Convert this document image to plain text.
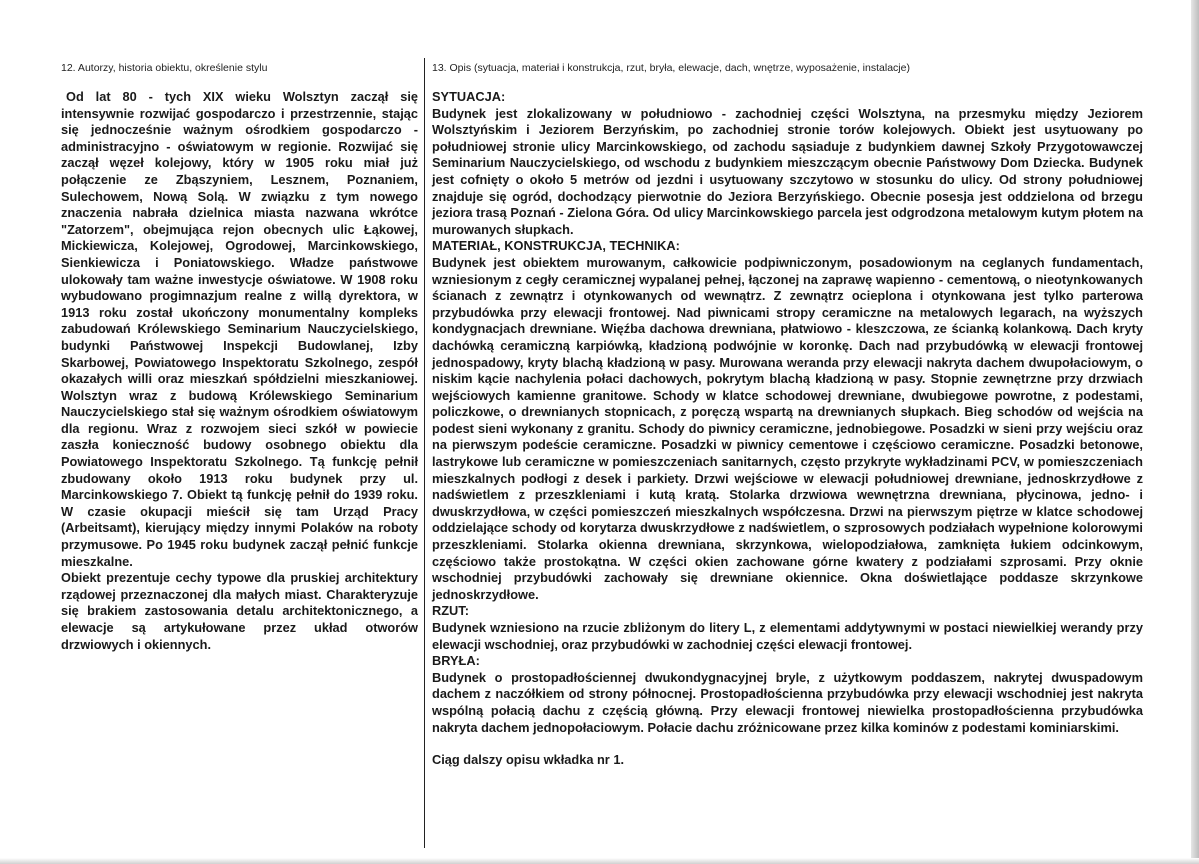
12. Autorzy, historia obiektu, określenie stylu	13. Opis (sytuacja, materiał i konstrukcja, rzut, bryła, elewacje, dach, wnętrze, wyposażenie, instalacje)

Od lat 80 - tych XIX wieku Wolsztyn zaczął się intensywnie rozwijać gospodarczo i przestrzennie, stając się jednocześnie ważnym ośrodkiem gospodarczo - administracyjno - oświatowym w regionie. Rozwijać się zaczął węzeł kolejowy, który w 1905 roku miał już połączenie ze Zbąszyniem, Lesznem, Poznaniem, Sulechowem, Nową Solą. W związku z tym nowego znaczenia nabrała dzielnica miasta nazwana wkrótce "Zatorzem", obejmująca rejon obecnych ulic Łąkowej, Mickiewicza, Kolejowej, Ogrodowej, Marcinkowskiego, Sienkiewicza i Poniatowskiego. Władze państwowe ulokowały tam ważne inwestycje oświatowe. W 1908 roku wybudowano progimnazjum realne z willą dyrektora, w 1913 roku został ukończony monumentalny kompleks zabudowań Królewskiego Seminarium Nauczycielskiego, budynki Państwowej Inspekcji Budowlanej, Izby Skarbowej, Powiatowego Inspektoratu Szkolnego, zespół okazałych willi oraz mieszkań spółdzielni mieszkaniowej. Wolsztyn wraz z budową Królewskiego Seminarium Nauczycielskiego stał się ważnym ośrodkiem oświatowym dla regionu. Wraz z rozwojem sieci szkół w powiecie zaszła konieczność budowy osobnego obiektu dla Powiatowego Inspektoratu Szkolnego. Tą funkcję pełnił zbudowany około 1913 roku budynek przy ul. Marcinkowskiego 7. Obiekt tą funkcję pełnił do 1939 roku. W czasie okupacji mieścił się tam Urząd Pracy (Arbeitsamt), kierujący między innymi Polaków na roboty przymusowe. Po 1945 roku budynek zaczął pełnić funkcje mieszkalne.

Obiekt prezentuje cechy typowe dla pruskiej architektury rządowej przeznaczonej dla małych miast. Charakteryzuje się brakiem zastosowania detalu architektonicznego, a elewacje są artykułowane przez układ otworów drzwiowych i okiennych.

SYTUACJA:

Budynek jest zlokalizowany w południowo - zachodniej części Wolsztyna, na przesmyku między Jeziorem Wolsztyńskim i Jeziorem Berzyńskim, po zachodniej stronie torów kolejowych. Obiekt jest usytuowany po południowej stronie ulicy Marcinkowskiego, od zachodu sąsiaduje z budynkiem dawnej Szkoły Przygotowawczej Seminarium Nauczycielskiego, od wschodu z budynkiem mieszczącym obecnie Państwowy Dom Dziecka. Budynek jest cofnięty o około 5 metrów od jezdni i usytuowany szczytowo w stosunku do ulicy. Od strony południowej znajduje się ogród, dochodzący pierwotnie do Jeziora Berzyńskiego. Obecnie posesja jest oddzielona od brzegu jeziora trasą Poznań - Zielona Góra. Od ulicy Marcinkowskiego parcela jest odgrodzona metalowym kutym płotem na murowanych słupkach.

MATERIAŁ, KONSTRUKCJA, TECHNIKA:

Budynek jest obiektem murowanym, całkowicie podpiwniczonym, posadowionym na ceglanych fundamentach, wzniesionym z cegły ceramicznej wypalanej pełnej, łączonej na zaprawę wapienno - cementową, o nieotynkowanych ścianach z zewnątrz i otynkowanych od wewnątrz. Z zewnątrz ocieplona i otynkowana jest tylko parterowa przybudówka przy elewacji frontowej. Nad piwnicami stropy ceramiczne na metalowych legarach, na wyższych kondygnacjach drewniane. Więźba dachowa drewniana, płatwiowo - kleszczowa, ze ścianką kolankową. Dach kryty dachówką ceramiczną karpiówką, kładzioną podwójnie w koronkę. Dach nad przybudówką w elewacji frontowej jednospadowy, kryty blachą kładzioną w pasy. Murowana weranda przy elewacji nakryta dachem dwupołaciowym, o niskim kącie nachylenia połaci dachowych, pokrytym blachą kładzioną w pasy. Stopnie zewnętrzne przy drzwiach wejściowych kamienne granitowe. Schody w klatce schodowej drewniane, dwubiegowe powrotne, z podestami, policzkowe, o drewnianych stopnicach, z poręczą wspartą na drewnianych słupkach. Bieg schodów od wejścia na podest sieni wykonany z granitu. Schody do piwnicy ceramiczne, jednobiegowe. Posadzki w sieni przy wejściu oraz na pierwszym podeście ceramiczne. Posadzki w piwnicy cementowe i częściowo ceramiczne. Posadzki betonowe, lastrykowe lub ceramiczne w pomieszczeniach sanitarnych, często przykryte wykładzinami PCV, w pomieszczeniach mieszkalnych podłogi z desek i parkiety. Drzwi wejściowe w elewacji południowej drewniane, jednoskrzydłowe z nadświetlem z przeszkleniami i kutą kratą. Stolarka drzwiowa wewnętrzna drewniana, płycinowa, jedno- i dwuskrzydłowa, w części pomieszczeń mieszkalnych współczesna. Drzwi na pierwszym piętrze w klatce schodowej oddzielające schody od korytarza dwuskrzydłowe z nadświetlem, o szprosowych podziałach wypełnione kolorowymi przeszkleniami. Stolarka okienna drewniana, skrzynkowa, wielopodziałowa, zamknięta łukiem odcinkowym, częściowo także prostokątna. W części okien zachowane górne kwatery z podziałami szprosami. Przy oknie wschodniej przybudówki zachowały się drewniane okiennice. Okna doświetlające poddasze skrzynkowe jednoskrzydłowe.

RZUT:

Budynek wzniesiono na rzucie zbliżonym do litery L, z elementami addytywnymi w postaci niewielkiej werandy przy elewacji wschodniej, oraz przybudówki w zachodniej części elewacji frontowej.

BRYŁA:

Budynek o prostopadłościennej dwukondygnacyjnej bryle, z użytkowym poddaszem, nakrytej dwuspadowym dachem z naczółkiem od strony północnej. Prostopadłościenna przybudówka przy elewacji wschodniej jest nakryta wspólną połacią dachu z częścią główną. Przy elewacji frontowej niewielka prostopadłościenna przybudówka nakryta dachem jednopołaciowym. Połacie dachu zróżnicowane przez kilka kominów z podestami kominiarskimi.

Ciąg dalszy opisu wkładka nr 1.
